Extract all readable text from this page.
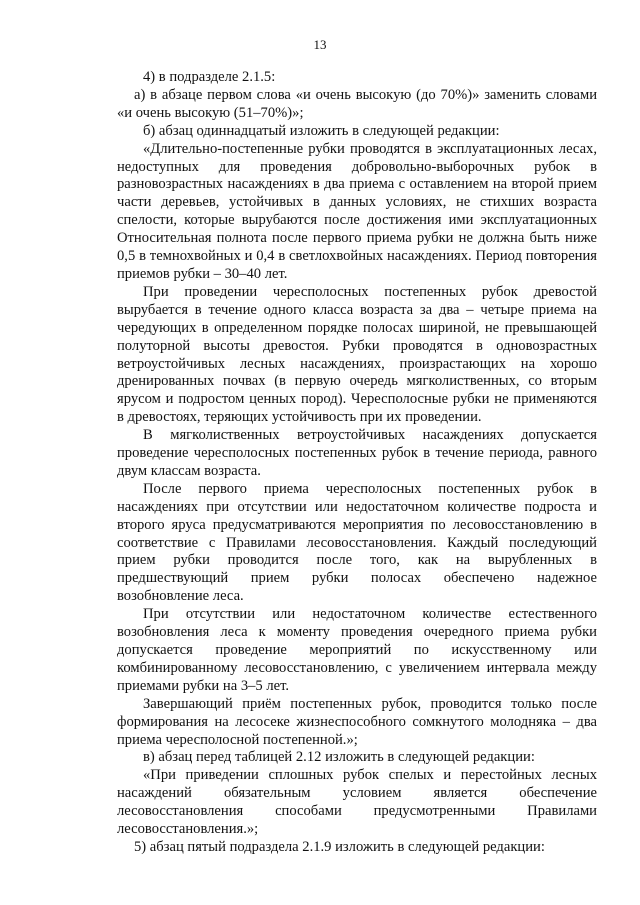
13

4) в подразделе 2.1.5:

а) в абзаце первом слова «и очень высокую (до 70%)» заменить словами «и очень высокую (51–70%)»;

б) абзац одиннадцатый изложить в следующей редакции:

«Длительно-постепенные рубки проводятся в эксплуатационных лесах, недоступных для проведения добровольно-выборочных рубок в разновозрастных насаждениях в два приема с оставлением на второй прием части деревьев, устойчивых в данных условиях, не стихших возраста спелости, которые вырубаются после достижения ими эксплуатационных Относительная полнота после первого приема рубки не должна быть ниже 0,5 в темнохвойных и 0,4 в светлохвойных насаждениях. Период повторения приемов рубки – 30–40 лет.

При проведении чересполосных постепенных рубок древостой вырубается в течение одного класса возраста за два – четыре приема на чередующих в определенном порядке полосах шириной, не превышающей полуторной высоты древостоя. Рубки проводятся в одновозрастных ветроустойчивых лесных насаждениях, произрастающих на хорошо дренированных почвах (в первую очередь мягколиственных, со вторым ярусом и подростом ценных пород). Чересполосные рубки не применяются в древостоях, теряющих устойчивость при их проведении.

В мягколиственных ветроустойчивых насаждениях допускается проведение чересполосных постепенных рубок в течение периода, равного двум классам возраста.

После первого приема чересполосных постепенных рубок в насаждениях при отсутствии или недостаточном количестве подроста и второго яруса предусматриваются мероприятия по лесовосстановлению в соответствие с Правилами лесовосстановления. Каждый последующий прием рубки проводится после того, как на вырубленных в предшествующий прием рубки полосах обеспечено надежное возобновление леса.

При отсутствии или недостаточном количестве естественного возобновления леса к моменту проведения очередного приема рубки допускается проведение мероприятий по искусственному или комбинированному лесовосстановлению, с увеличением интервала между приемами рубки на 3–5 лет.

Завершающий приём постепенных рубок, проводится только после формирования на лесосеке жизнеспособного сомкнутого молодняка – два приема чересполосной постепенной.»;

в) абзац перед таблицей 2.12 изложить в следующей редакции:

«При приведении сплошных рубок спелых и перестойных лесных насаждений обязательным условием является обеспечение лесовосстановления способами предусмотренными Правилами лесовосстановления.»;

5) абзац пятый подраздела 2.1.9 изложить в следующей редакции:
